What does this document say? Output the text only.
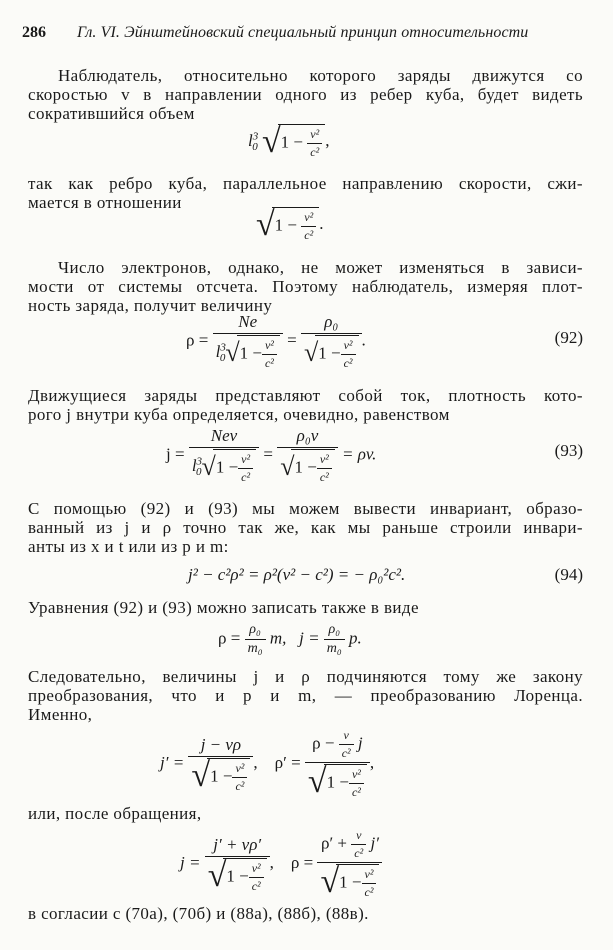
286 Гл. VI. Эйнштейновский специальный принцип относительности
Наблюдатель, относительно которого заряды движутся со
скоростью v в направлении одного из ребер куба, будет видеть
сократившийся объем
$l^3_0$ $√1 - \frac{\text{v²}}{\text{c²}}$ ,
так как ребро куба, параллельное направлению скорости, сжи-
мается в отношении
$√1 - \frac{\text{v²}}{\text{c²}}$ .
Число электронов, однако, не может изменяться в зависи-
мости от системы отсчета. Поэтому наблюдатель, измеряя плот-
ность заряда, получит величину
$\rho = \frac{Ne}{l^3_0√1 - \frac{\text{v²}}{\text{c²}}} = \frac{\text{ρ₀}}{√1 - \frac{\text{v²}}{\text{c²}}}$ .	(92)
Движущиеся заряды представляют собой ток, плотность кото-
рого j внутри куба определяется, очевидно, равенством
$j = \frac{\text{Nev}}{l^3_0√1 - \frac{\text{v²}}{\text{c²}}} = \frac{\text{ρ₀v}}{√1 - \frac{\text{v²}}{\text{c²}}} = \rho v$.	(93)
С помощью (92) и (93) мы можем вывести инвариант, образо-
ванный из j и ρ точно так же, как мы раньше строили инвари-
анты из x и t или из p и m:
j² − c²ρ² = ρ²(v² − c²) = − ρ₀²c².	(94)
Уравнения (92) и (93) можно записать также в виде
$\rho = \frac{\text{ρ₀}}{\text{m₀}} m$, $j = \frac{\text{ρ₀}}{\text{m₀}} p$.
Следовательно, величины j и ρ подчиняются тому же закону
преобразования, что и p и m, — преобразованию Лоренца.
Именно,
$j' = \frac{j - v\rho}{√1 - \frac{\text{v²}}{\text{c²}}}$ , $\rho' = \frac{\rho - \frac{v}{\text{c²}} j}{√1 - \frac{\text{v²}}{\text{c²}}}$ ,
или, после обращения,
$j = \frac{j' + v\rho'}{√1 - \frac{\text{v²}}{\text{c²}}}$ , $\rho = \frac{\rho' + \frac{v}{\text{c²}} j'}{√1 - \frac{\text{v²}}{\text{c²}}}$
в согласии с (70а), (70б) и (88а), (88б), (88в).
